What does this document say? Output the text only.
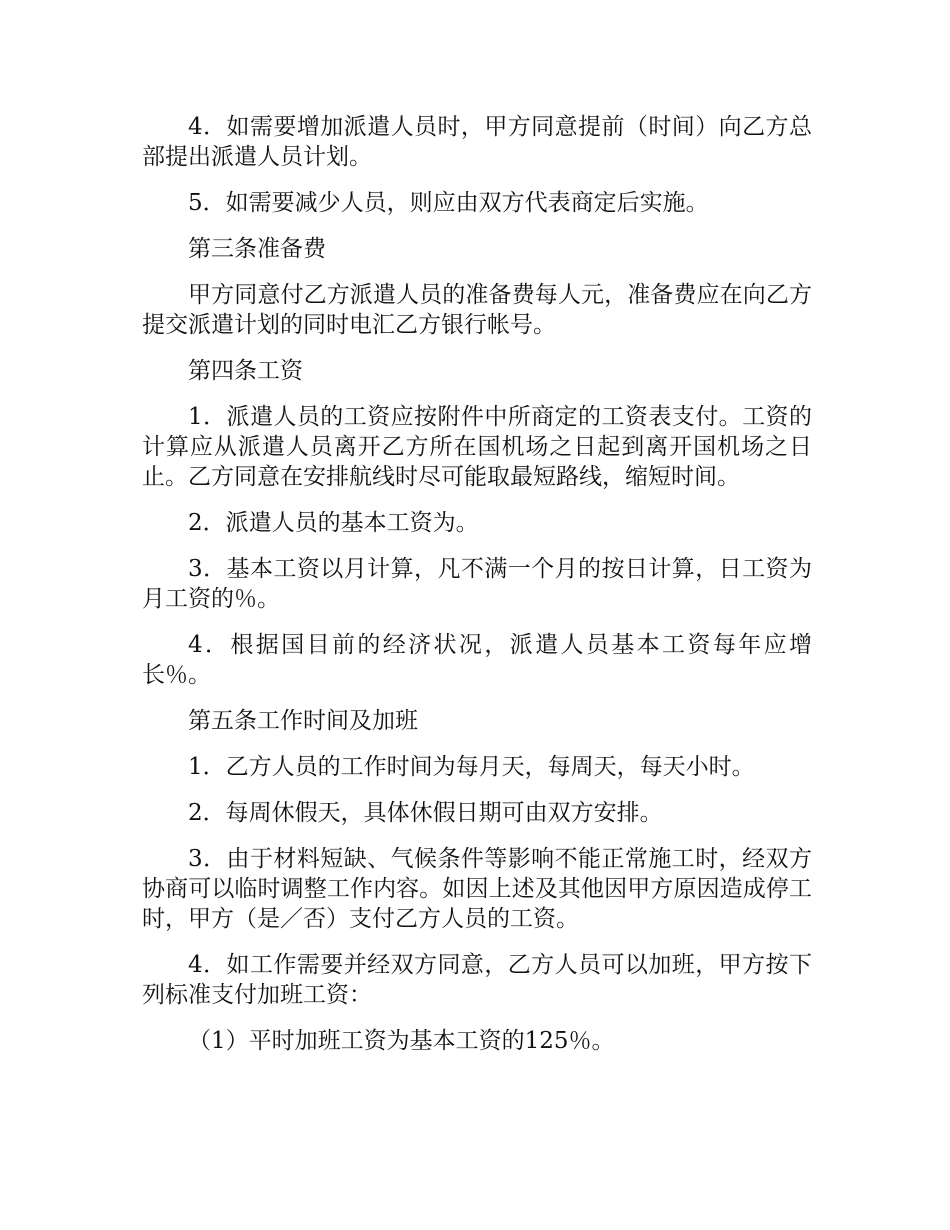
4．如需要增加派遣人员时，甲方同意提前（时间）向乙方总部提出派遣人员计划。

5．如需要减少人员，则应由双方代表商定后实施。

第三条准备费

甲方同意付乙方派遣人员的准备费每人元，准备费应在向乙方提交派遣计划的同时电汇乙方银行帐号。

第四条工资

1．派遣人员的工资应按附件中所商定的工资表支付。工资的计算应从派遣人员离开乙方所在国机场之日起到离开国机场之日止。乙方同意在安排航线时尽可能取最短路线，缩短时间。

2．派遣人员的基本工资为。

3．基本工资以月计算，凡不满一个月的按日计算，日工资为月工资的％。

4．根据国目前的经济状况，派遣人员基本工资每年应增长％。

第五条工作时间及加班

1．乙方人员的工作时间为每月天，每周天，每天小时。

2．每周休假天，具体休假日期可由双方安排。

3．由于材料短缺、气候条件等影响不能正常施工时，经双方协商可以临时调整工作内容。如因上述及其他因甲方原因造成停工时，甲方（是／否）支付乙方人员的工资。

4．如工作需要并经双方同意，乙方人员可以加班，甲方按下列标准支付加班工资：

（1）平时加班工资为基本工资的125％。
